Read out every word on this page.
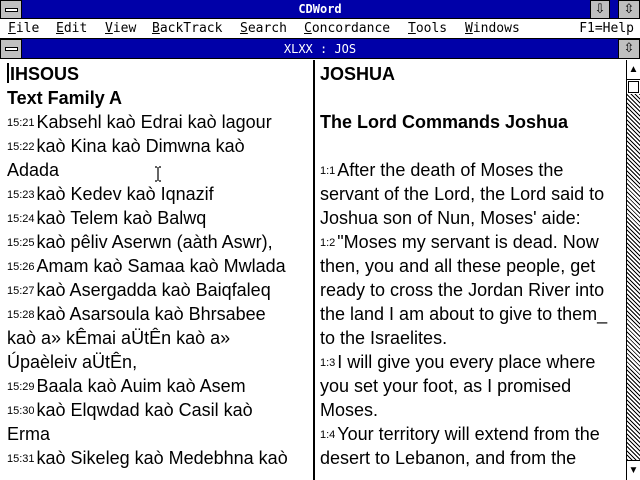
CDWord	⇩	⇳
F1=Help
File Edit View BackTrack Search Concordance Tools Windows
XLXX : JOS	⇳
IHSOUS
Text Family A
$^{15:21}$ Kabsehl kaò Edrai kaò lagour
$^{15:22}$ kaò Kina kaò Dimwna kaò
Adada
$^{15:23}$ kaò Kedev kaò Iqnazif
$^{15:24}$ kaò Telem kaò Balwq
$^{15:25}$ kaò pêliv Aserwn (aàth Aswr),
$^{15:26}$ Amam kaò Samaa kaò Mwlada
$^{15:27}$ kaò Asergadda kaò Baiqfaleq
$^{15:28}$ kaò Asarsoula kaò Bhrsabee
kaò a» kÊmai aÜtÊn kaò a»
Úpaèleiv aÜtÊn,
$^{15:29}$ Baala kaò Auim kaò Asem
$^{15:30}$ kaò Elqwdad kaò Casil kaò
Erma
$^{15:31}$ kaò Sikeleg kaò Medebhna kaò
JOSHUA
The Lord Commands Joshua
$^{1:1}$ After the death of Moses the
servant of the Lord, the Lord said to
Joshua son of Nun, Moses' aide:
$^{1:2}$ "Moses my servant is dead. Now
then, you and all these people, get
ready to cross the Jordan River into
the land I am about to give to them_
to the Israelites.
$^{1:3}$ I will give you every place where
you set your foot, as I promised
Moses.
$^{1:4}$ Your territory will extend from the
desert to Lebanon, and from the
▲
▼
